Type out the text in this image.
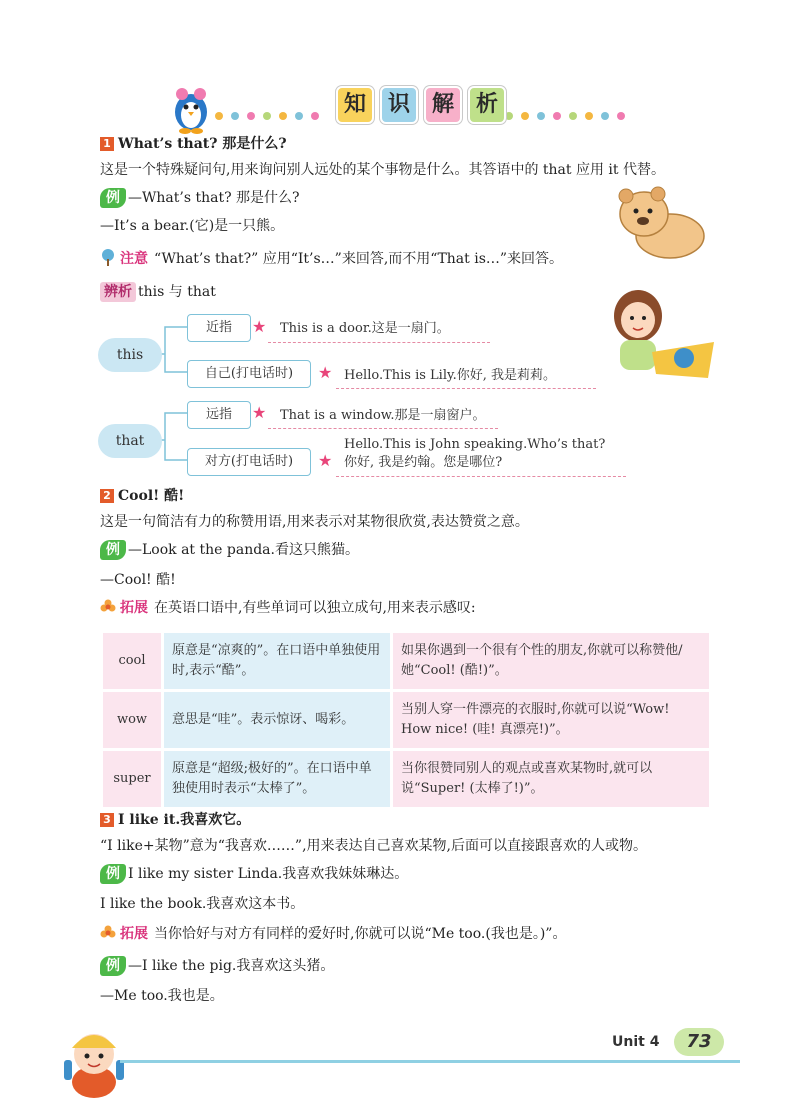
知 识 解 析
1 What’s that? 那是什么?
这是一个特殊疑问句,用来询问别人远处的某个事物是什么。其答语中的 that 应用 it 代替。
例 —What’s that? 那是什么?
—It’s a bear.(它)是一只熊。
注意 “What’s that?” 应用“It’s…”来回答,而不用“That is…”来回答。
辨析 this 与 that
this
近指	★ This is a door.这是一扇门。
自己(打电话时)	★ Hello.This is Lily.你好, 我是莉莉。
that
远指	★ That is a window.那是一扇窗户。
对方(打电话时)	★
Hello.This is John speaking.Who’s that?
你好, 我是约翰。您是哪位?
2 Cool! 酷!
这是一句简洁有力的称赞用语,用来表示对某物很欣赏,表达赞赏之意。
例 —Look at the panda.看这只熊猫。
—Cool! 酷!
拓展 在英语口语中,有些单词可以独立成句,用来表示感叹:
cool	原意是“凉爽的”。在口语中单独使用时,表示“酷”。	如果你遇到一个很有个性的朋友,你就可以称赞他/她“Cool! (酷!)”。
wow	意思是“哇”。表示惊讶、喝彩。	当别人穿一件漂亮的衣服时,你就可以说“Wow! How nice! (哇! 真漂亮!)”。
super	原意是“超级;极好的”。在口语中单独使用时表示“太棒了”。	当你很赞同别人的观点或喜欢某物时,就可以说“Super! (太棒了!)”。
3 I like it.我喜欢它。
“I like+某物”意为“我喜欢……”,用来表达自己喜欢某物,后面可以直接跟喜欢的人或物。
例 I like my sister Linda.我喜欢我妹妹琳达。
I like the book.我喜欢这本书。
拓展 当你恰好与对方有同样的爱好时,你就可以说“Me too.(我也是。)”。
例 —I like the pig.我喜欢这头猪。
—Me too.我也是。
Unit 4	73
